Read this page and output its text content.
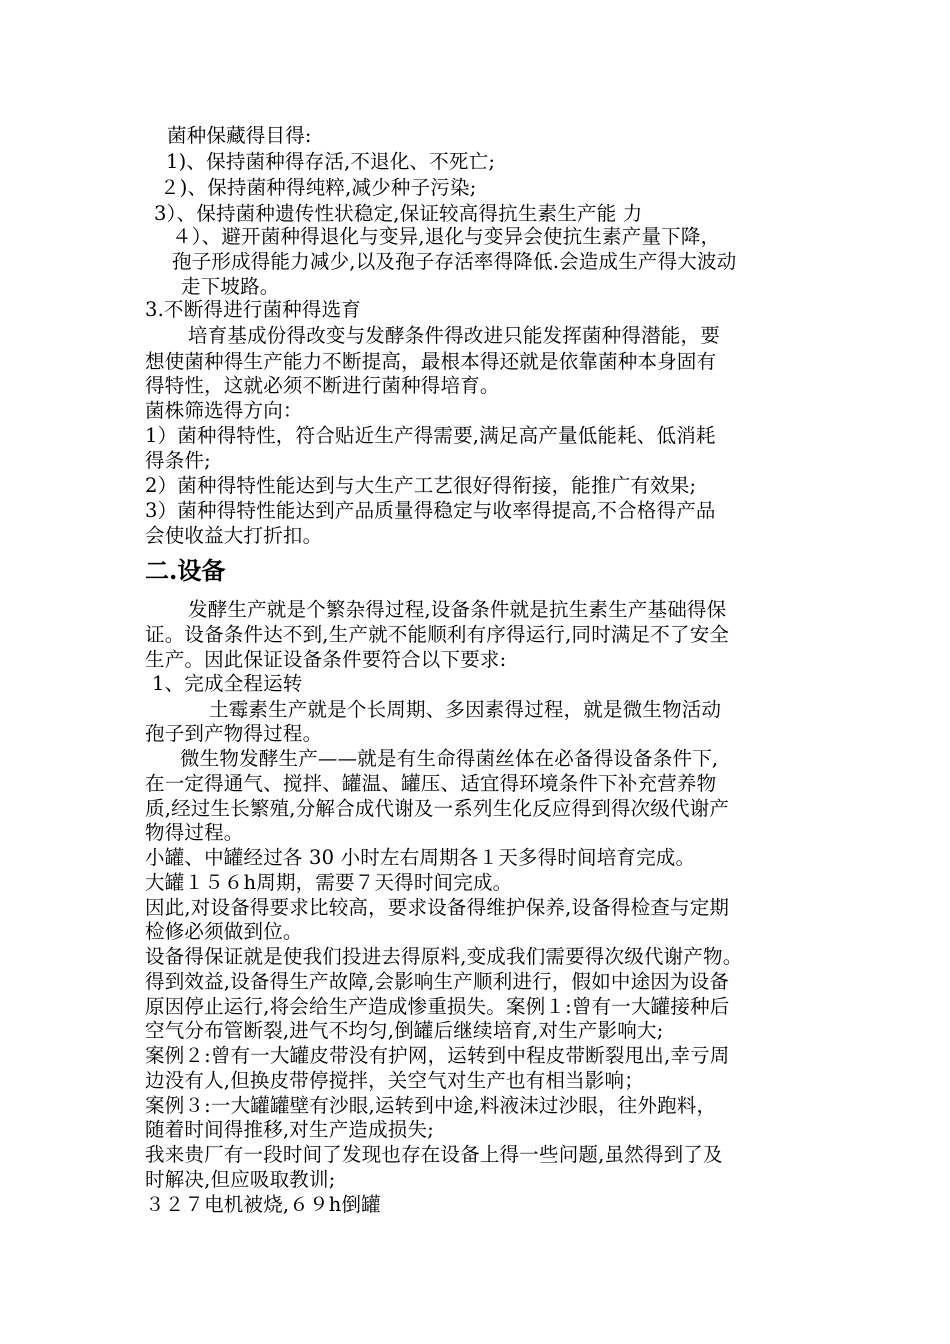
菌种保藏得目得:
1)、保持菌种得存活,不退化、不死亡;
２)、保持菌种得纯粹,减少种子污染;
3）、保持菌种遗传性状稳定,保证较高得抗生素生产能 力
４）、避开菌种得退化与变异,退化与变异会使抗生素产量下降，
孢子形成得能力减少,以及孢子存活率得降低.会造成生产得大波动
走下坡路。
3.不断得进行菌种得选育
培育基成份得改变与发酵条件得改进只能发挥菌种得潜能，要
想使菌种得生产能力不断提高，最根本得还就是依靠菌种本身固有
得特性，这就必须不断进行菌种得培育。
菌株筛选得方向：
1）菌种得特性，符合贴近生产得需要,满足高产量低能耗、低消耗
得条件;
2）菌种得特性能达到与大生产工艺很好得衔接，能推广有效果;
3）菌种得特性能达到产品质量得稳定与收率得提高,不合格得产品
会使收益大打折扣。
二.设备
发酵生产就是个繁杂得过程,设备条件就是抗生素生产基础得保
证。设备条件达不到,生产就不能顺利有序得运行,同时满足不了安全
生产。因此保证设备条件要符合以下要求:
1、完成全程运转
土霉素生产就是个长周期、多因素得过程，就是微生物活动
孢子到产物得过程。
微生物发酵生产——就是有生命得菌丝体在必备得设备条件下,
在一定得通气、搅拌、罐温、罐压、适宜得环境条件下补充营养物
质,经过生长繁殖,分解合成代谢及一系列生化反应得到得次级代谢产
物得过程。
小罐、中罐经过各 30 小时左右周期各１天多得时间培育完成。
大罐１５６h周期，需要７天得时间完成。
因此,对设备得要求比较高，要求设备得维护保养,设备得检查与定期
检修必须做到位。
设备得保证就是使我们投进去得原料,变成我们需要得次级代谢产物。
得到效益,设备得生产故障,会影响生产顺利进行，假如中途因为设备
原因停止运行,将会给生产造成惨重损失。案例１:曾有一大罐接种后
空气分布管断裂,进气不均匀,倒罐后继续培育,对生产影响大;
案例２:曾有一大罐皮带没有护网，运转到中程皮带断裂甩出,幸亏周
边没有人,但换皮带停搅拌，关空气对生产也有相当影响；
案例３:一大罐罐壁有沙眼,运转到中途,料液沫过沙眼，往外跑料，
随着时间得推移,对生产造成损失;
我来贵厂有一段时间了发现也存在设备上得一些问题,虽然得到了及
时解决,但应吸取教训;
３２７电机被烧,６９h倒罐
